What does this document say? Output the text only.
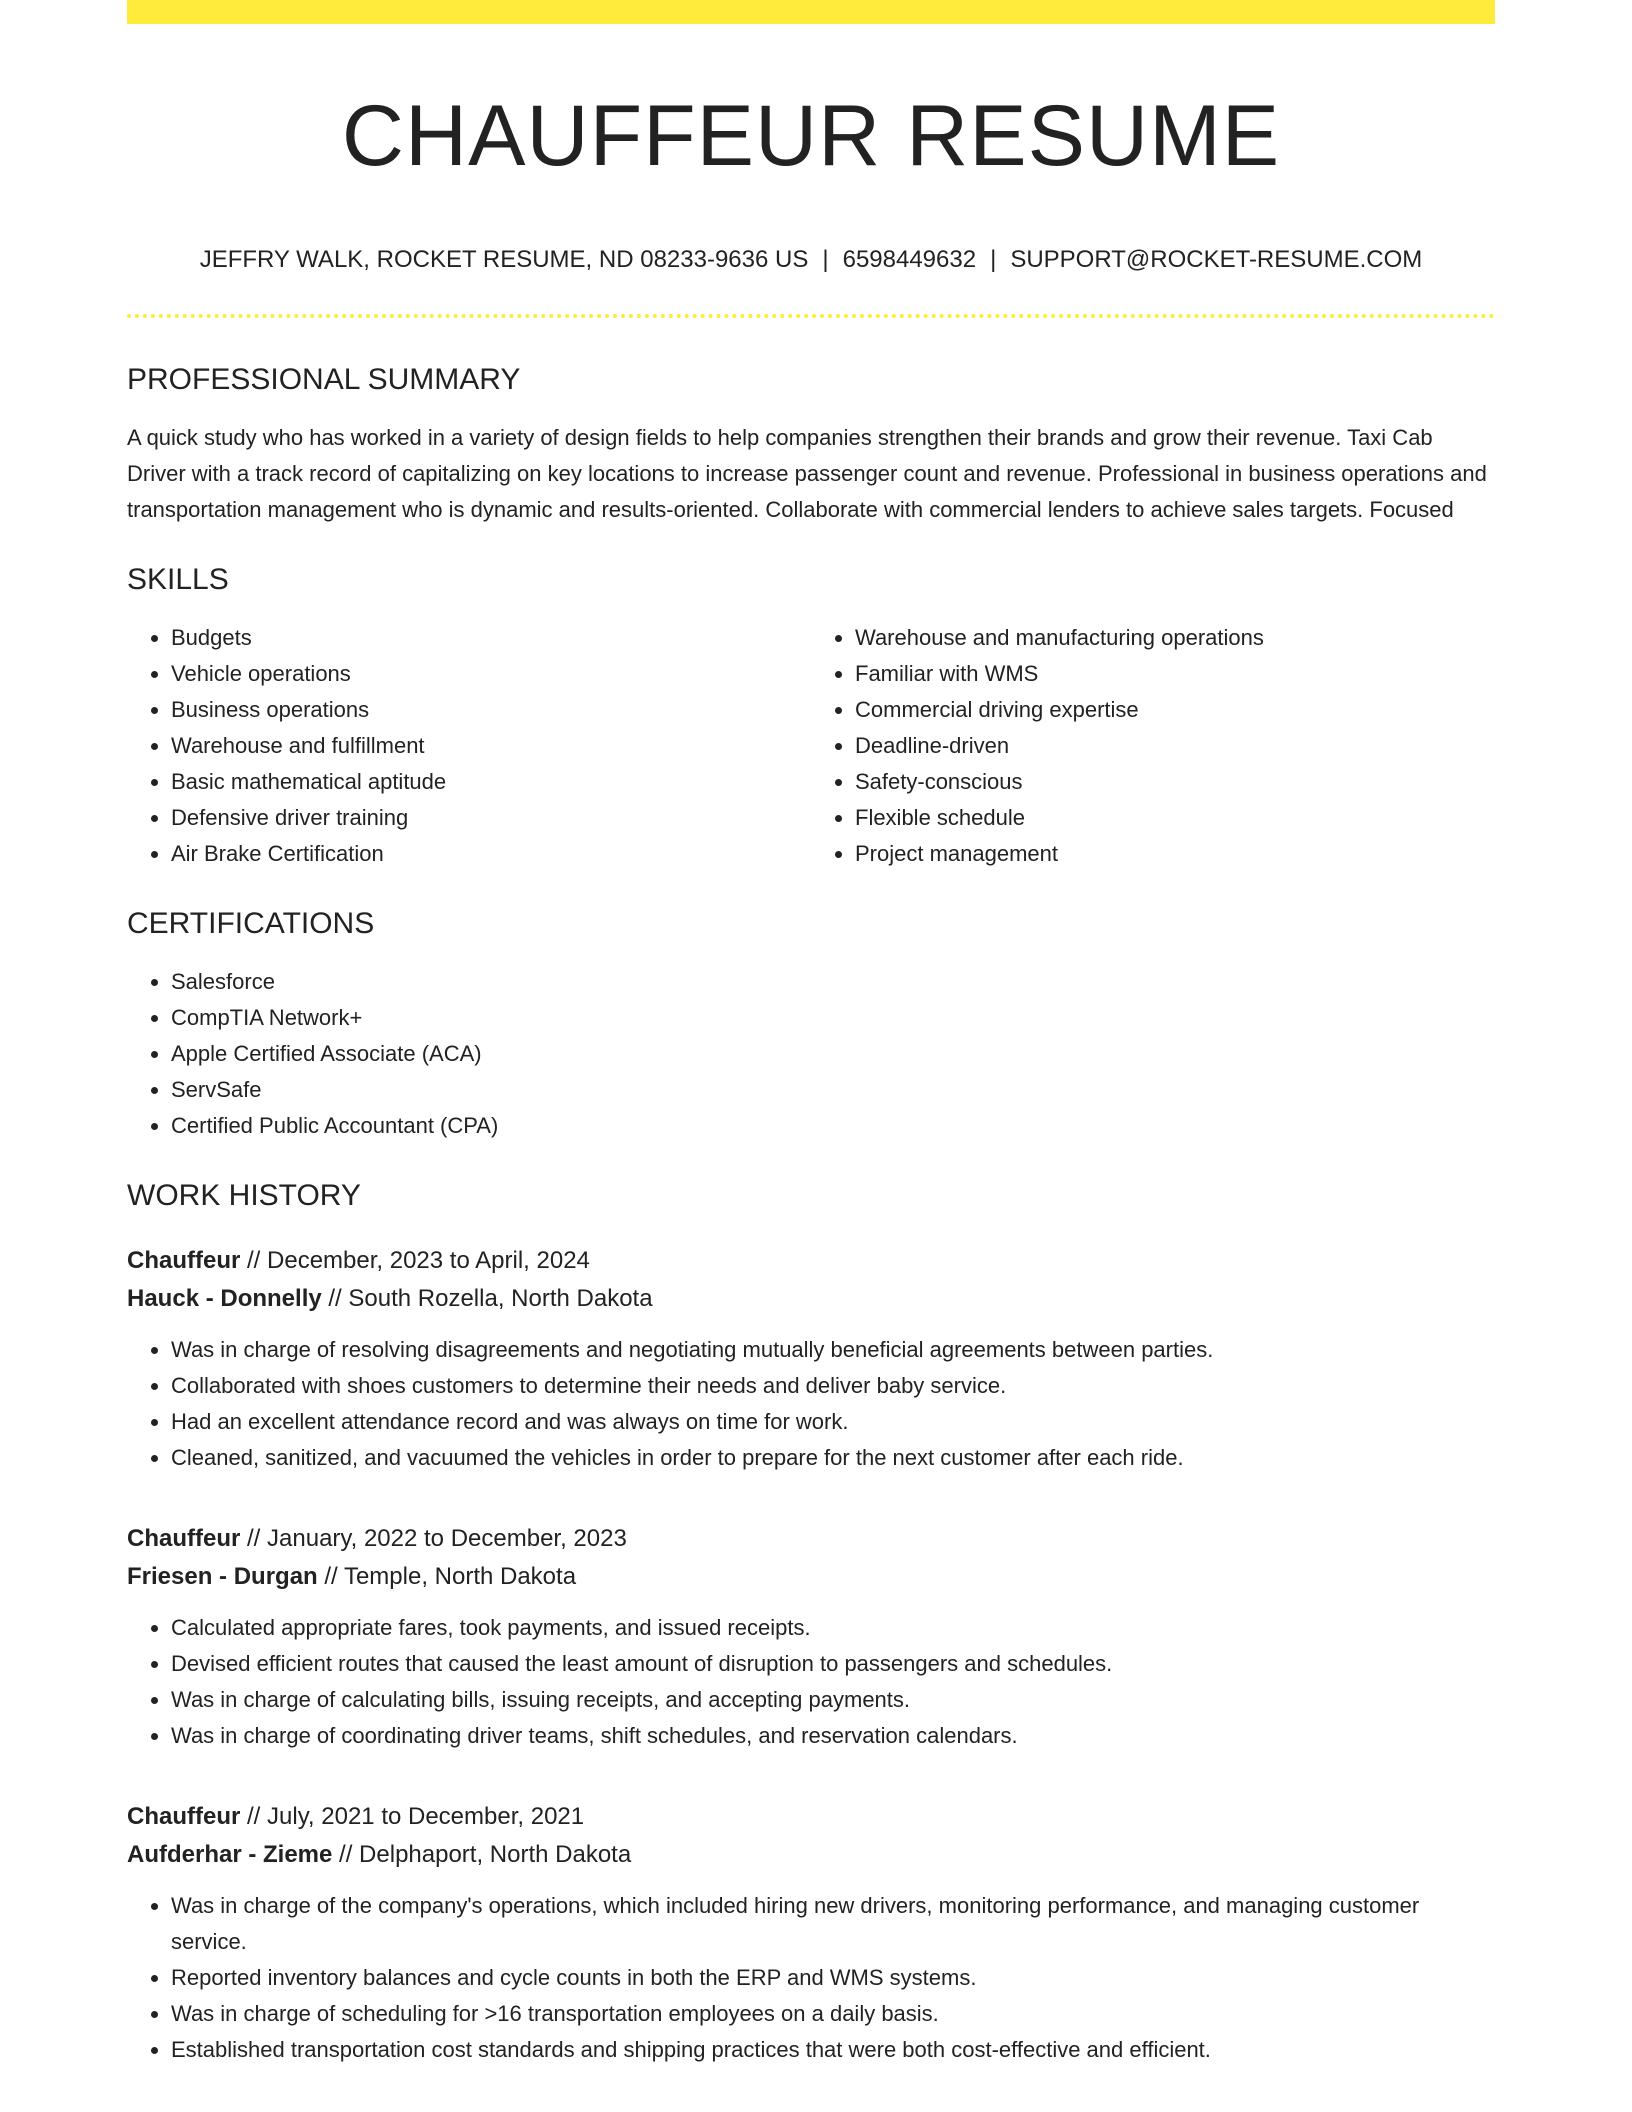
CHAUFFEUR RESUME
JEFFRY WALK, ROCKET RESUME, ND 08233-9636 US | 6598449632 | SUPPORT@ROCKET-RESUME.COM
PROFESSIONAL SUMMARY
A quick study who has worked in a variety of design fields to help companies strengthen their brands and grow their revenue. Taxi Cab Driver with a track record of capitalizing on key locations to increase passenger count and revenue. Professional in business operations and transportation management who is dynamic and results-oriented. Collaborate with commercial lenders to achieve sales targets. Focused
SKILLS
• Budgets
• Vehicle operations
• Business operations
• Warehouse and fulfillment
• Basic mathematical aptitude
• Defensive driver training
• Air Brake Certification
• Warehouse and manufacturing operations
• Familiar with WMS
• Commercial driving expertise
• Deadline-driven
• Safety-conscious
• Flexible schedule
• Project management
CERTIFICATIONS
• Salesforce
• CompTIA Network+
• Apple Certified Associate (ACA)
• ServSafe
• Certified Public Accountant (CPA)
WORK HISTORY
Chauffeur // December, 2023 to April, 2024
Hauck - Donnelly // South Rozella, North Dakota
• Was in charge of resolving disagreements and negotiating mutually beneficial agreements between parties.
• Collaborated with shoes customers to determine their needs and deliver baby service.
• Had an excellent attendance record and was always on time for work.
• Cleaned, sanitized, and vacuumed the vehicles in order to prepare for the next customer after each ride.
Chauffeur // January, 2022 to December, 2023
Friesen - Durgan // Temple, North Dakota
• Calculated appropriate fares, took payments, and issued receipts.
• Devised efficient routes that caused the least amount of disruption to passengers and schedules.
• Was in charge of calculating bills, issuing receipts, and accepting payments.
• Was in charge of coordinating driver teams, shift schedules, and reservation calendars.
Chauffeur // July, 2021 to December, 2021
Aufderhar - Zieme // Delphaport, North Dakota
• Was in charge of the company's operations, which included hiring new drivers, monitoring performance, and managing customer service.
• Reported inventory balances and cycle counts in both the ERP and WMS systems.
• Was in charge of scheduling for >16 transportation employees on a daily basis.
• Established transportation cost standards and shipping practices that were both cost-effective and efficient.
